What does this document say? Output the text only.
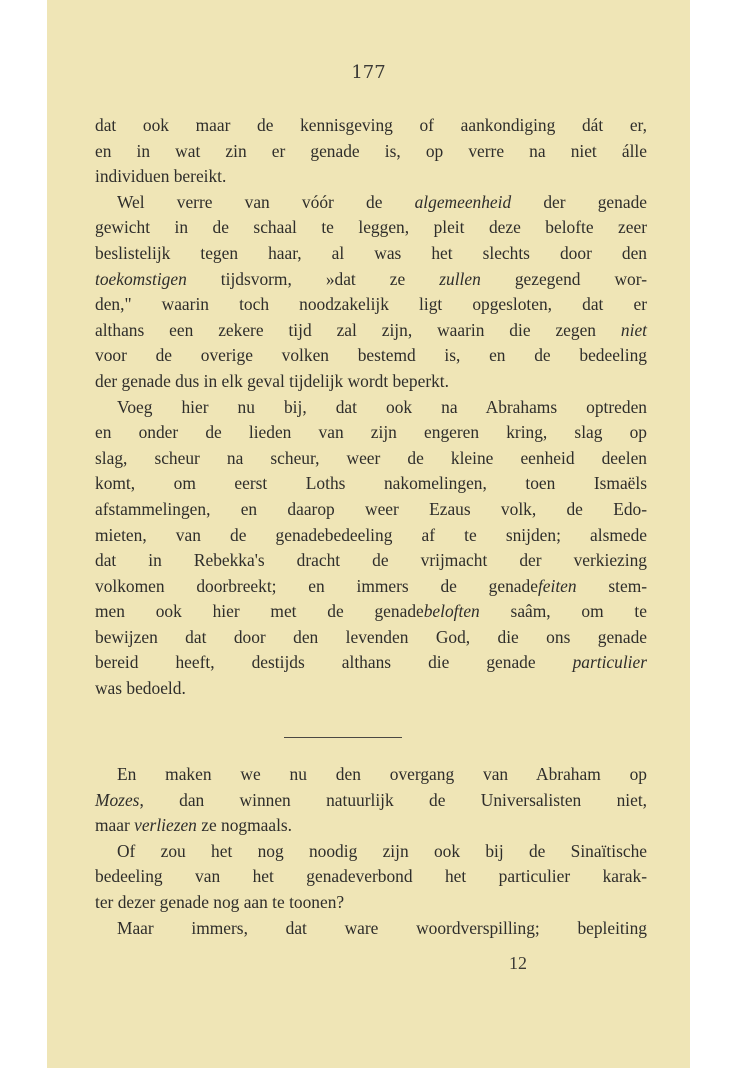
177

dat ook maar de kennisgeving of aankondiging dát er,
en in wat zin er genade is, op verre na niet álle
individuen bereikt.

Wel verre van vóór de algemeenheid der genade
gewicht in de schaal te leggen, pleit deze belofte zeer
beslistelijk tegen haar, al was het slechts door den
toekomstigen tijdsvorm, »dat ze zullen gezegend wor-
den," waarin toch noodzakelijk ligt opgesloten, dat er
althans een zekere tijd zal zijn, waarin die zegen niet
voor de overige volken bestemd is, en de bedeeling
der genade dus in elk geval tijdelijk wordt beperkt.

Voeg hier nu bij, dat ook na Abrahams optreden
en onder de lieden van zijn engeren kring, slag op
slag, scheur na scheur, weer de kleine eenheid deelen
komt, om eerst Loths nakomelingen, toen Ismaëls
afstammelingen, en daarop weer Ezaus volk, de Edo-
mieten, van de genadebedeeling af te snijden; alsmede
dat in Rebekka's dracht de vrijmacht der verkiezing
volkomen doorbreekt; en immers de genadefeiten stem-
men ook hier met de genadebeloften saâm, om te
bewijzen dat door den levenden God, die ons genade
bereid heeft, destijds althans die genade particulier
was bedoeld.

En maken we nu den overgang van Abraham op
Mozes, dan winnen natuurlijk de Universalisten niet,
maar verliezen ze nogmaals.

Of zou het nog noodig zijn ook bij de Sinaïtische
bedeeling van het genadeverbond het particulier karak-
ter dezer genade nog aan te toonen?

Maar immers, dat ware woordverspilling; bepleiting

12
